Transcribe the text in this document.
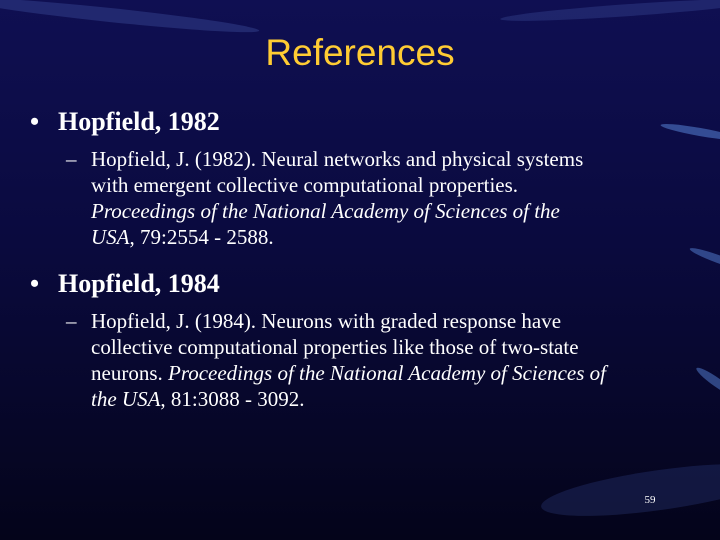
References
• Hopfield, 1982
– Hopfield, J. (1982). Neural networks and physical systems
with emergent collective computational properties.
Proceedings of the National Academy of Sciences of the
USA, 79:2554 - 2588.
• Hopfield, 1984
– Hopfield, J. (1984). Neurons with graded response have
collective computational properties like those of two-state
neurons. Proceedings of the National Academy of Sciences of
the USA, 81:3088 - 3092.
59
